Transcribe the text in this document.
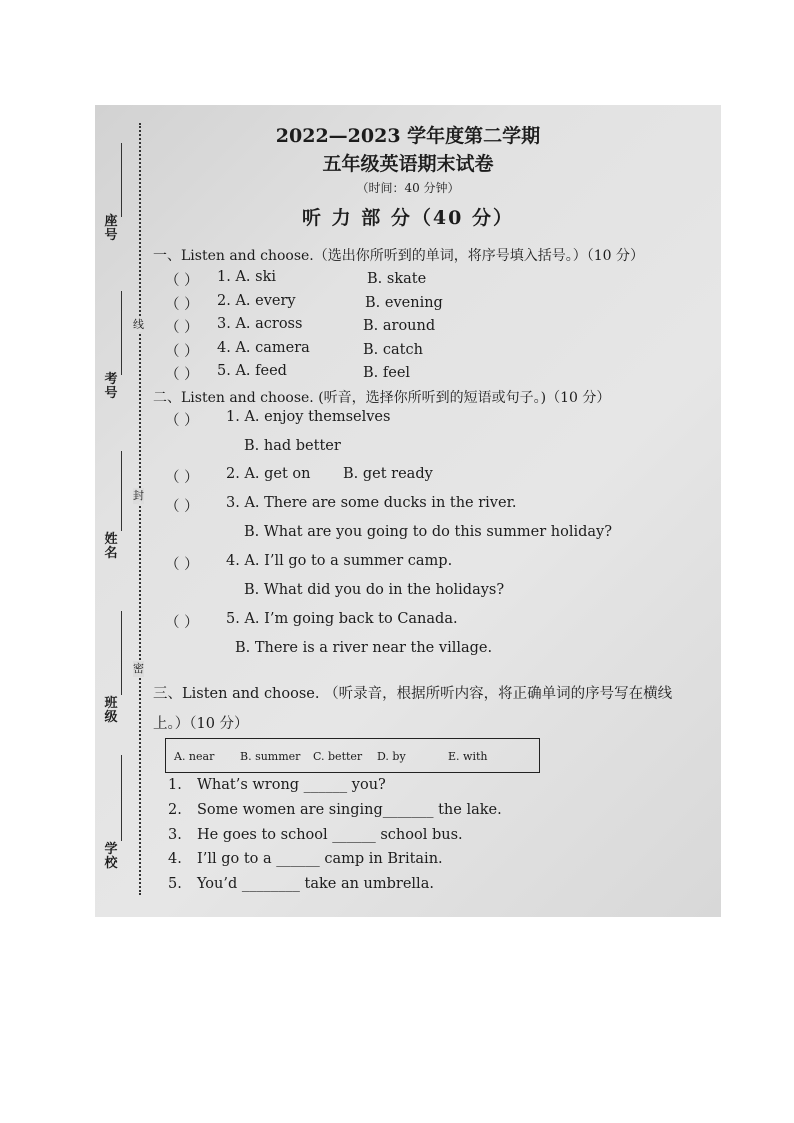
线
封
密
座号
考号
姓名
班级
学校
2022—2023 学年度第二学期
五年级英语期末试卷
（时间：40 分钟）
听 力 部 分（40 分）
一、Listen and choose.（选出你所听到的单词，将序号填入括号。）（10 分）
（ ） 1. A. ski	B. skate
（ ） 2. A. every	B. evening
（ ） 3. A. across	B. around
（ ） 4. A. camera	B. catch
（ ） 5. A. feed	B. feel
二、Listen and choose. (听音，选择你所听到的短语或句子。)（10 分）
（ ） 1. A. enjoy themselves
B. had better
（ ） 2. A. get on B. get ready
（ ） 3. A. There are some ducks in the river.
B. What are you going to do this summer holiday?
（ ） 4. A. I’ll go to a summer camp.
B. What did you do in the holidays?
（ ） 5. A. I’m going back to Canada.
B. There is a river near the village.
三、Listen and choose. （听录音，根据所听内容，将正确单词的序号写在横线
上。）（10 分）
A. near B. summer C. better D. by	E. with
1. What’s wrong ______ you?
2. Some women are singing_______ the lake.
3. He goes to school ______ school bus.
4. I’ll go to a ______ camp in Britain.
5. You’d ________ take an umbrella.
